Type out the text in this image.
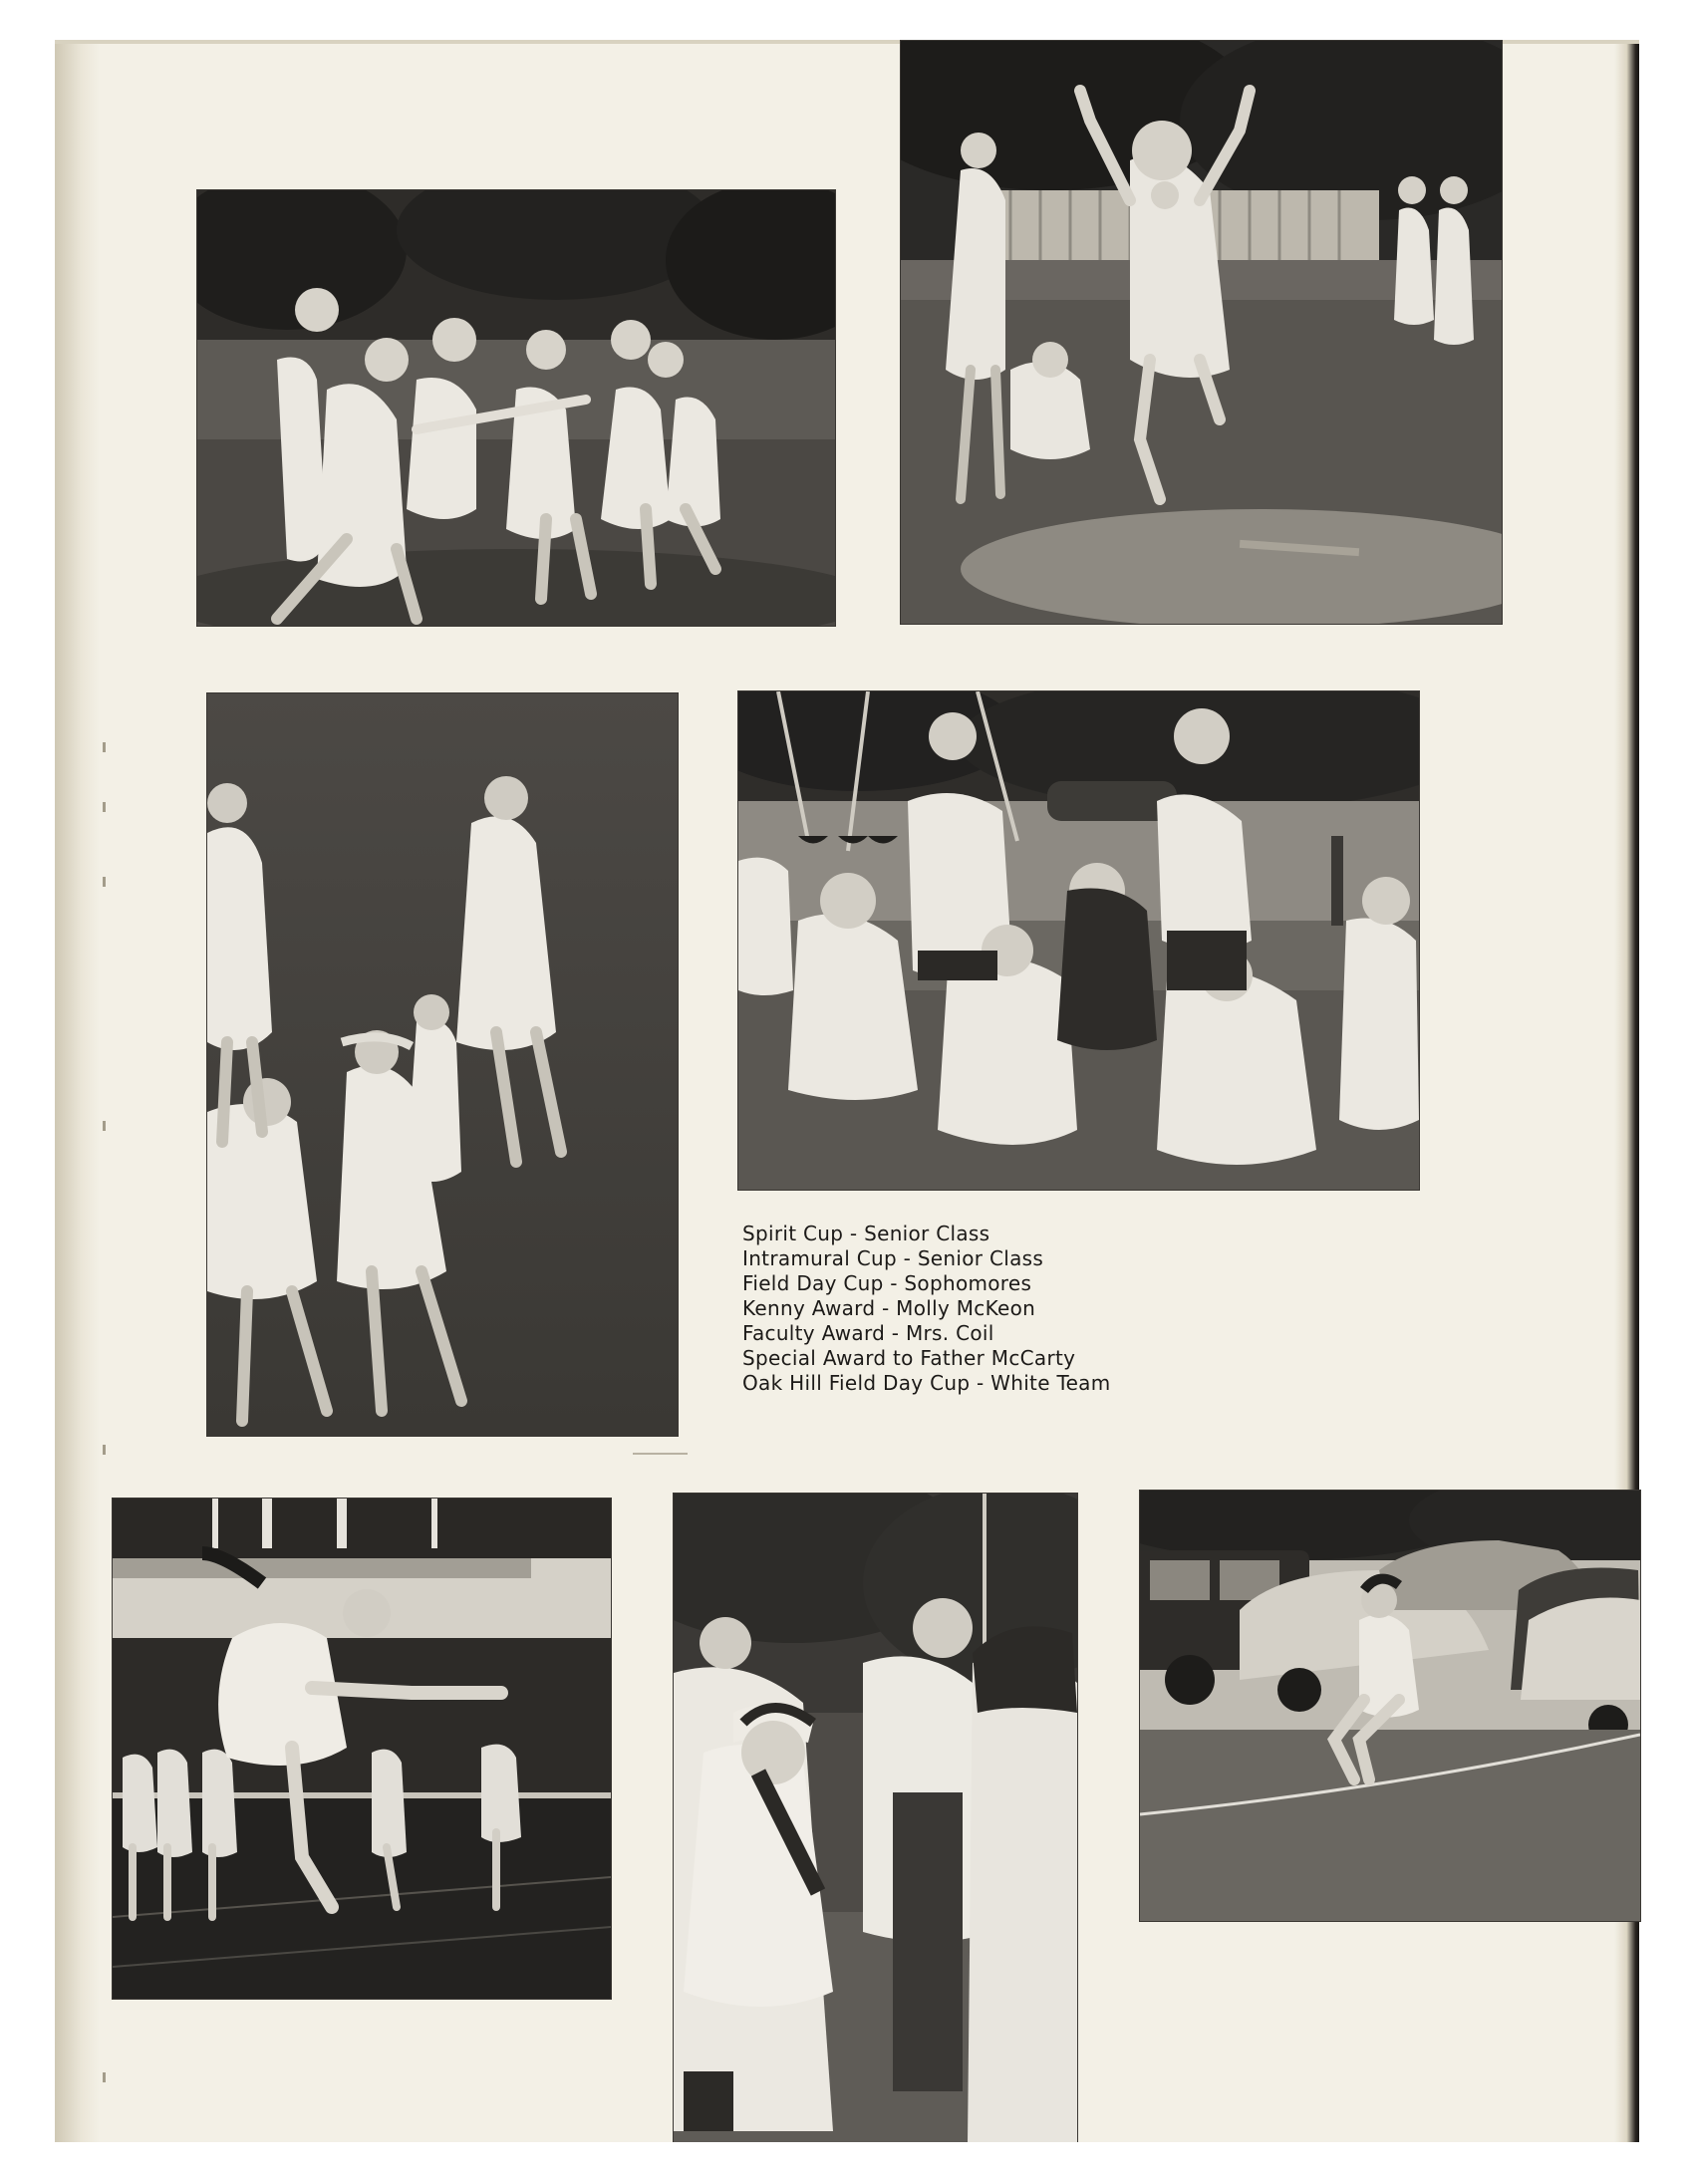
Spirit Cup - Senior Class
Intramural Cup - Senior Class
Field Day Cup - Sophomores
Kenny Award - Molly McKeon
Faculty Award - Mrs. Coil
Special Award to Father McCarty
Oak Hill Field Day Cup - White Team
